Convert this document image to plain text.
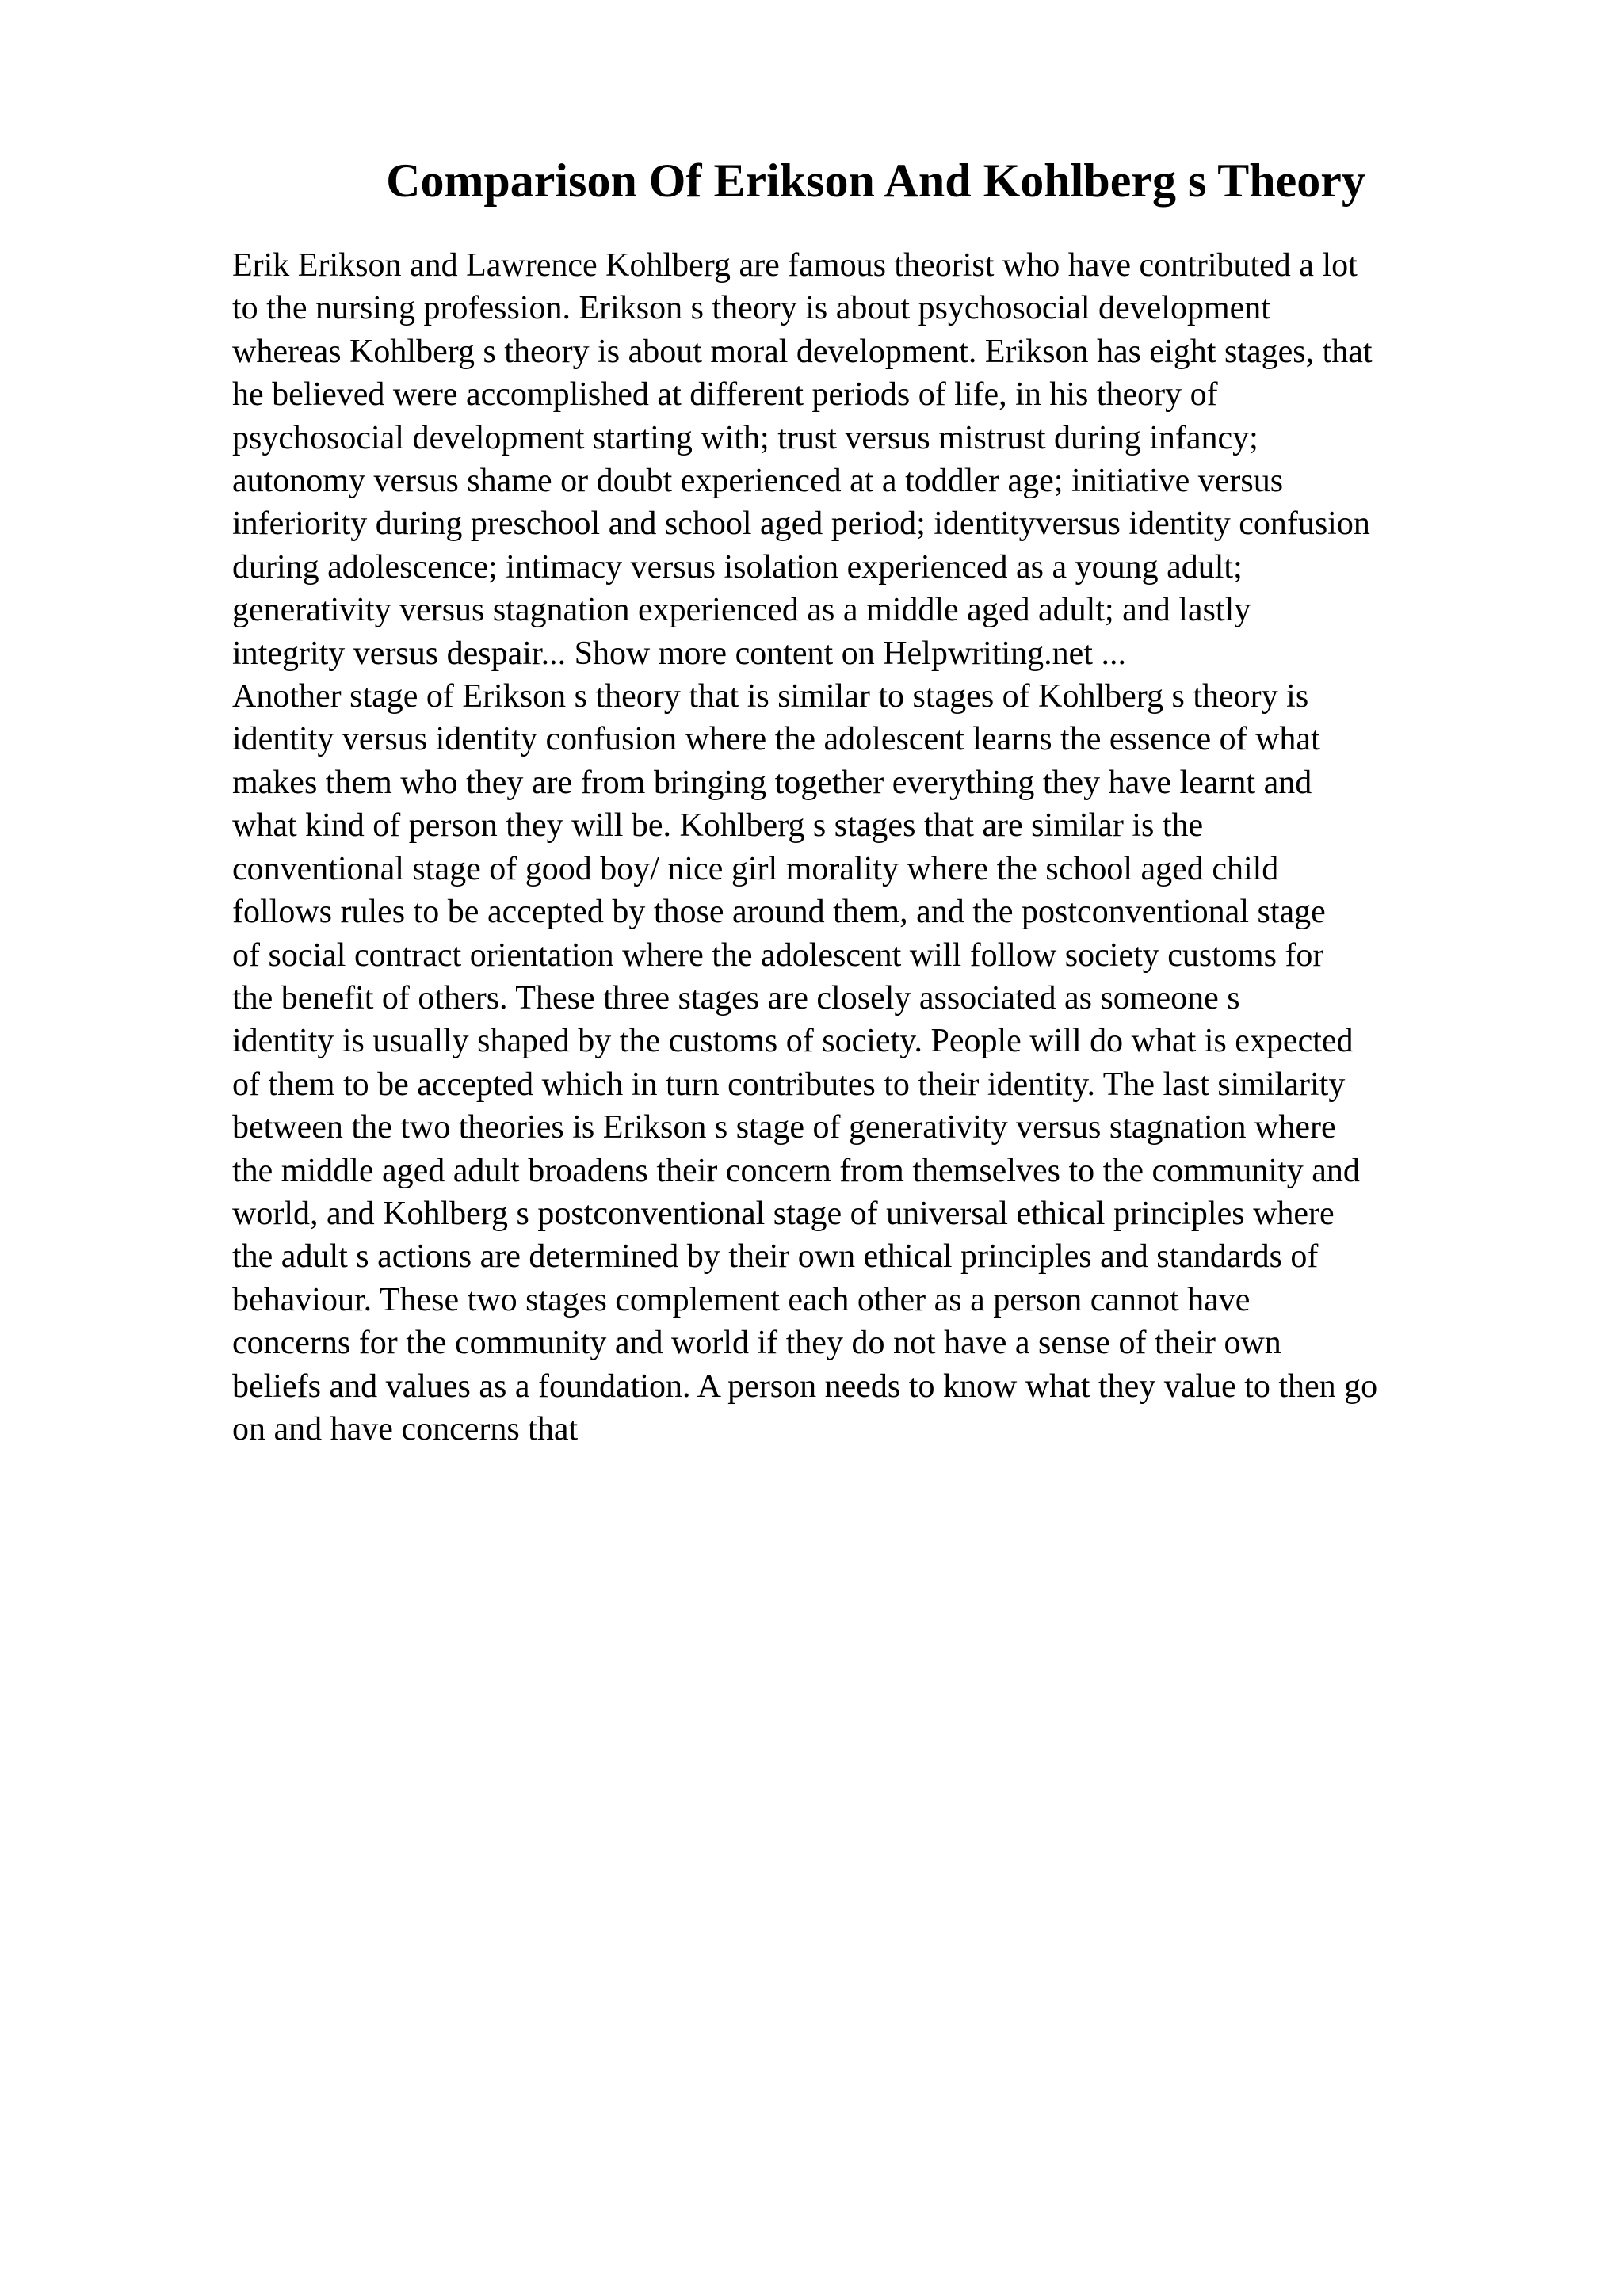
Comparison Of Erikson And Kohlberg s Theory
Erik Erikson and Lawrence Kohlberg are famous theorist who have contributed a lot
to the nursing profession. Erikson s theory is about psychosocial development
whereas Kohlberg s theory is about moral development. Erikson has eight stages, that
he believed were accomplished at different periods of life, in his theory of
psychosocial development starting with; trust versus mistrust during infancy;
autonomy versus shame or doubt experienced at a toddler age; initiative versus
inferiority during preschool and school aged period; identityversus identity confusion
during adolescence; intimacy versus isolation experienced as a young adult;
generativity versus stagnation experienced as a middle aged adult; and lastly
integrity versus despair... Show more content on Helpwriting.net ...
Another stage of Erikson s theory that is similar to stages of Kohlberg s theory is
identity versus identity confusion where the adolescent learns the essence of what
makes them who they are from bringing together everything they have learnt and
what kind of person they will be. Kohlberg s stages that are similar is the
conventional stage of good boy/ nice girl morality where the school aged child
follows rules to be accepted by those around them, and the postconventional stage
of social contract orientation where the adolescent will follow society customs for
the benefit of others. These three stages are closely associated as someone s
identity is usually shaped by the customs of society. People will do what is expected
of them to be accepted which in turn contributes to their identity. The last similarity
between the two theories is Erikson s stage of generativity versus stagnation where
the middle aged adult broadens their concern from themselves to the community and
world, and Kohlberg s postconventional stage of universal ethical principles where
the adult s actions are determined by their own ethical principles and standards of
behaviour. These two stages complement each other as a person cannot have
concerns for the community and world if they do not have a sense of their own
beliefs and values as a foundation. A person needs to know what they value to then go
on and have concerns that
